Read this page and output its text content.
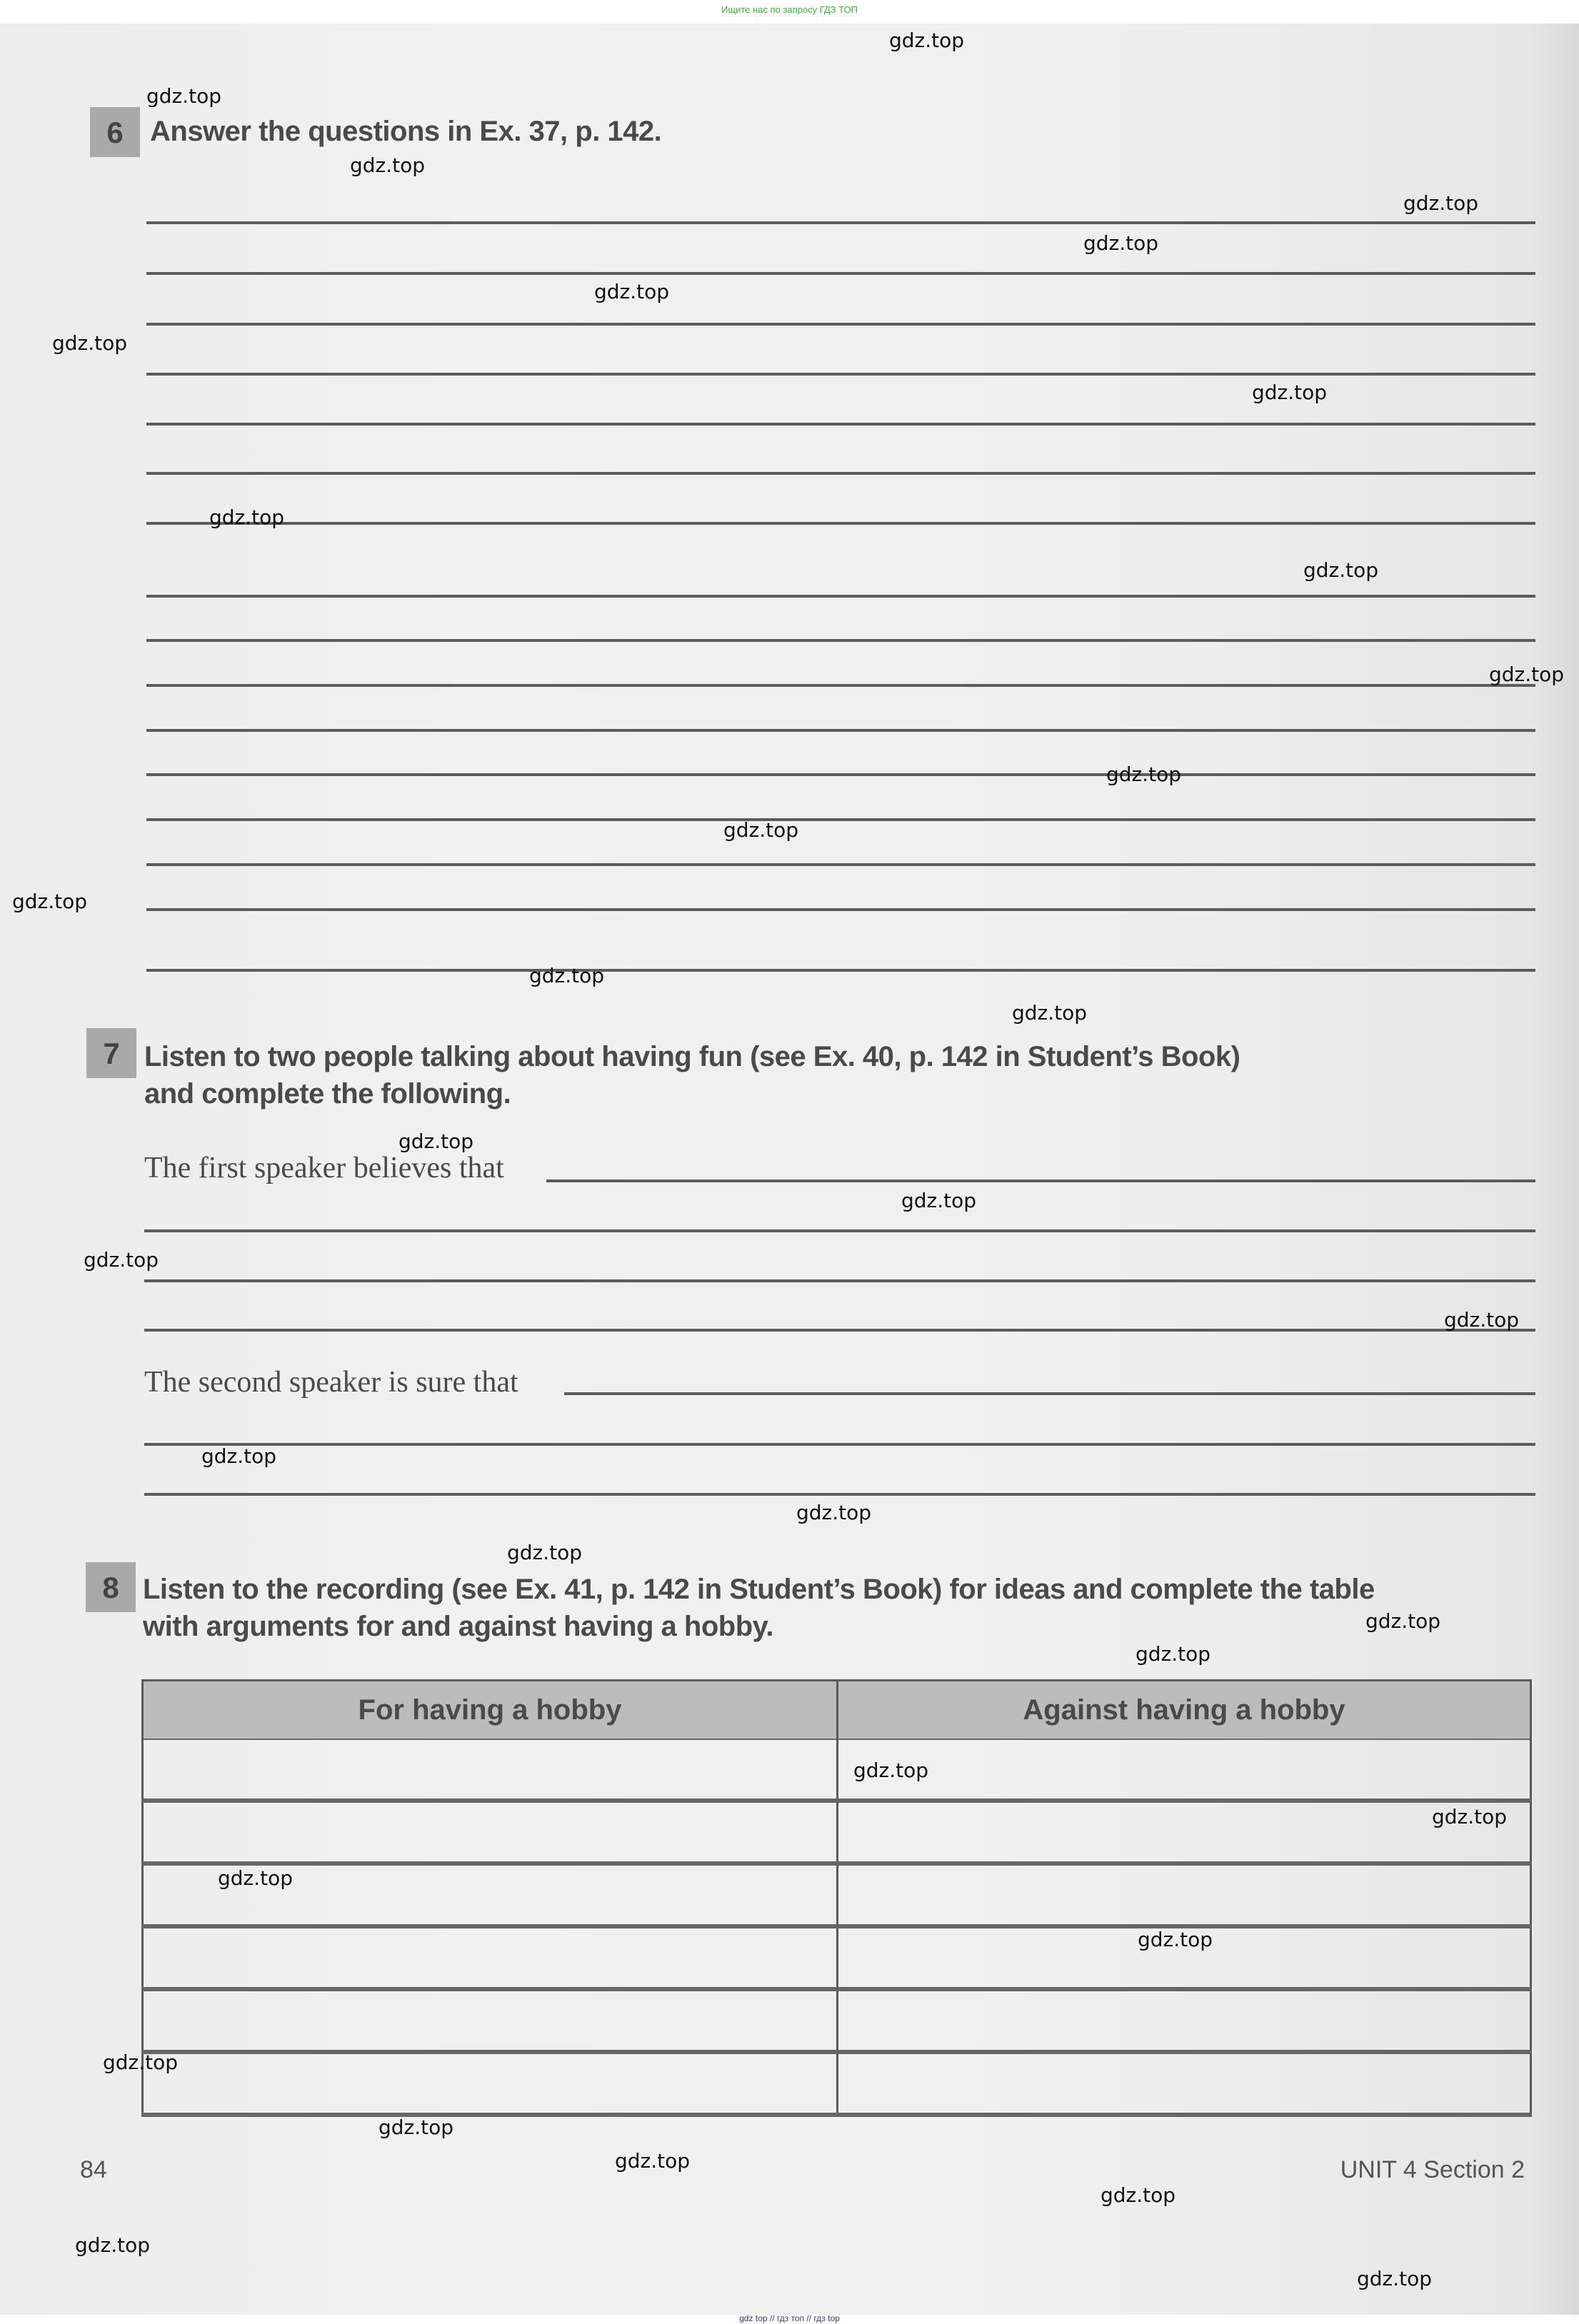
Ищите нас по запросу ГДЗ ТОП
6 Answer the questions in Ex. 37, p. 142.
7 Listen to two people talking about having fun (see Ex. 40, p. 142 in Student’s Book)
and complete the following.
The first speaker believes that
The second speaker is sure that
8 Listen to the recording (see Ex. 41, p. 142 in Student’s Book) for ideas and complete the table
with arguments for and against having a hobby.
For having a hobby	Against having a hobby

84	UNIT 4 Section 2
gdz.top
gdz.top
gdz.top
gdz.top
gdz.top
gdz.top
gdz.top
gdz.top
gdz.top
gdz.top
gdz.top
gdz.top
gdz.top
gdz.top
gdz.top
gdz.top
gdz.top
gdz.top
gdz.top
gdz.top
gdz.top
gdz.top
gdz.top
gdz.top
gdz.top
gdz.top
gdz.top
gdz.top
gdz.top
gdz.top
gdz.top
gdz.top
gdz.top
gdz.top
gdz.top
gdz top // гдз топ // гдз top
